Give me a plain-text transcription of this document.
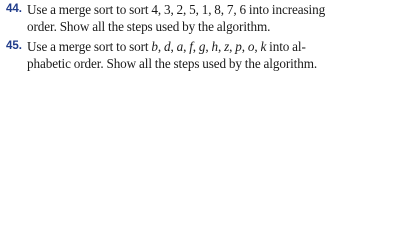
44. Use a merge sort to sort 4, 3, 2, 5, 1, 8, 7, 6 into increasing
order. Show all the steps used by the algorithm.
45. Use a merge sort to sort b, d, a, f, g, h, z, p, o, k into al-
phabetic order. Show all the steps used by the algorithm.
